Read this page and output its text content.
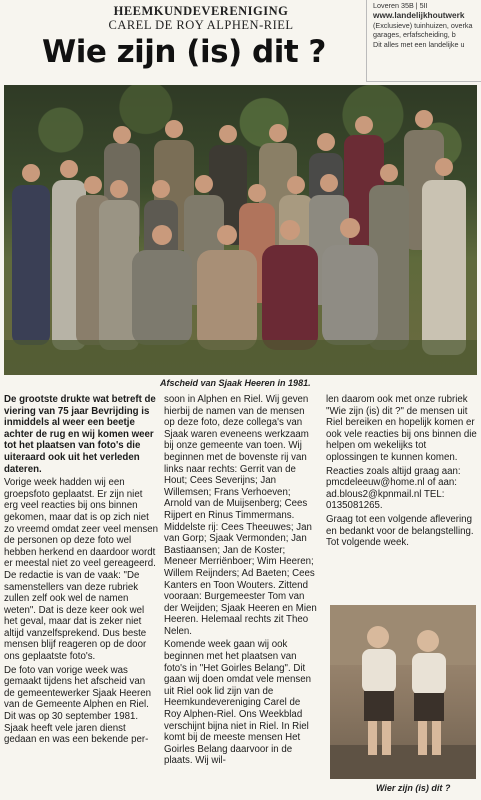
HEEMKUNDEVERENIGING
CAREL DE ROY ALPHEN-RIEL
Wie zijn (is) dit ?
Loveren 35B | 5II
www.landelijkhoutwerk
(Exclusieve) tuinhuizen, overka
garages, erfafscheiding, b
Dit alles met een landelijke u
Afscheid van Sjaak Heeren in 1981.

De grootste drukte wat betreft de viering van 75 jaar Bevrijding is inmiddels al weer een beetje achter de rug en wij komen weer tot het plaatsen van foto's die uiteraard ook uit het verleden dateren.

Vorige week hadden wij een groepsfoto geplaatst. Er zijn niet erg veel reacties bij ons binnen gekomen, maar dat is op zich niet zo vreemd omdat zeer veel mensen de personen op deze foto wel hebben herkend en daardoor wordt er meestal niet zo veel gereageerd. De redactie is van de vaak: "De samenstellers van deze rubriek zullen zelf ook wel de namen weten". Dat is deze keer ook wel het geval, maar dat is zeker niet altijd vanzelfsprekend. Dus beste mensen blijf reageren op de door ons geplaatste foto's.

De foto van vorige week was gemaakt tijdens het afscheid van de gemeentewerker Sjaak Heeren van de Gemeente Alphen en Riel. Dit was op 30 september 1981. Sjaak heeft vele jaren dienst gedaan en was een bekende per-

soon in Alphen en Riel. Wij geven hierbij de namen van de mensen op deze foto, deze collega's van Sjaak waren eveneens werkzaam bij onze gemeente van toen. Wij beginnen met de bovenste rij van links naar rechts: Gerrit van de Hout; Cees Severijns; Jan Willemsen; Frans Verhoeven; Arnold van de Muijsenberg; Cees Rijpert en Rinus Timmermans. Middelste rij: Cees Theeuwes; Jan van Gorp; Sjaak Vermonden; Jan Bastiaansen; Jan de Koster; Meneer Merriënboer; Wim Heeren; Willem Reijnders; Ad Baeten; Cees Kanters en Toon Wouters. Zittend vooraan: Burgemeester Tom van der Weijden; Sjaak Heeren en Mien Heeren. Helemaal rechts zit Theo Nelen.

Komende week gaan wij ook beginnen met het plaatsen van foto's in "Het Goirles Belang". Dit gaan wij doen omdat vele mensen uit Riel ook lid zijn van de Heemkundevereniging Carel de Roy Alphen-Riel. Ons Weekblad verschijnt bijna niet in Riel. In Riel komt bij de meeste mensen Het Goirles Belang daarvoor in de plaats. Wij wil-

len daarom ook met onze rubriek "Wie zijn (is) dit ?" de mensen uit Riel bereiken en hopelijk komen er ook vele reacties bij ons binnen die helpen om wekelijks tot oplossingen te kunnen komen.

Reacties zoals altijd graag aan: pmcdeleeuw@home.nl of aan: ad.blous2@kpnmail.nl TEL: 0135081265.

Graag tot een volgende aflevering en bedankt voor de belangstelling. Tot volgende week.

Wier zijn (is) dit ?
